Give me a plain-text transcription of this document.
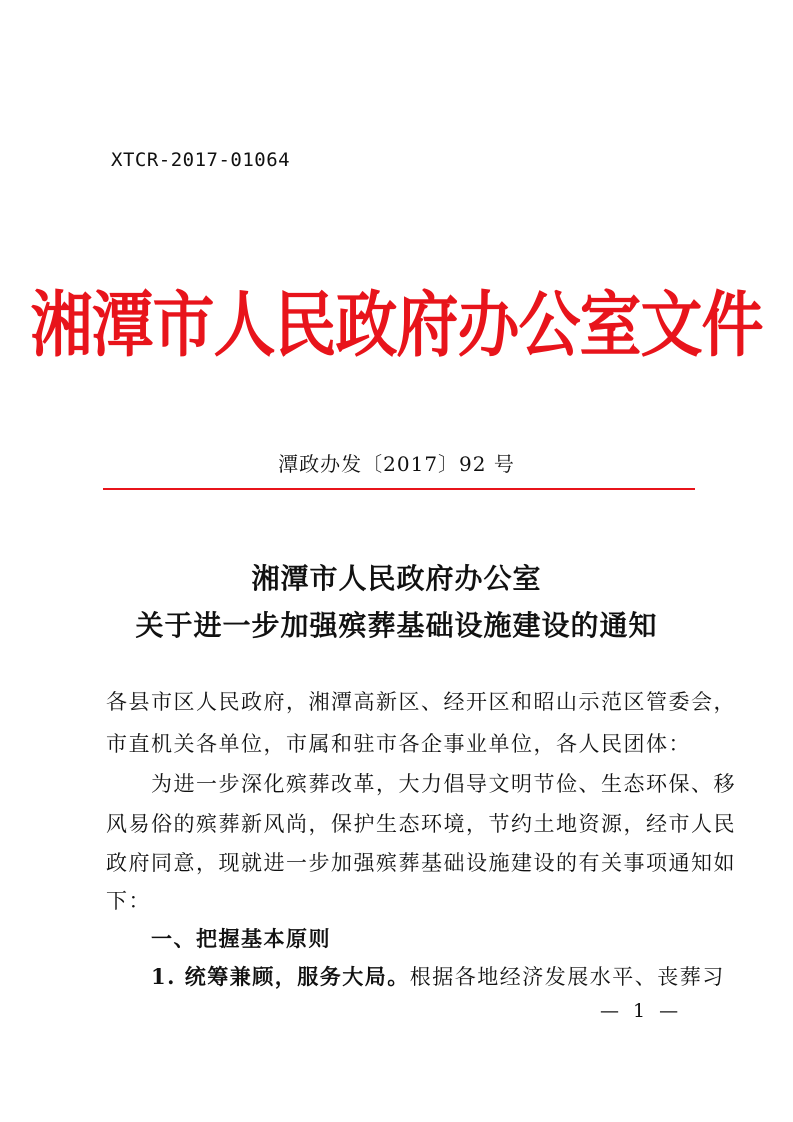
XTCR-2017-01064
湘潭市人民政府办公室文件
潭政办发〔2017〕92 号
湘潭市人民政府办公室
关于进一步加强殡葬基础设施建设的通知
各县市区人民政府，湘潭高新区、经开区和昭山示范区管委会，
市直机关各单位，市属和驻市各企事业单位，各人民团体：
　　为进一步深化殡葬改革，大力倡导文明节俭、生态环保、移
风易俗的殡葬新风尚，保护生态环境，节约土地资源，经市人民
政府同意，现就进一步加强殡葬基础设施建设的有关事项通知如
下：
　　一、把握基本原则
　　1. 统筹兼顾，服务大局。根据各地经济发展水平、丧葬习
— 1 —
